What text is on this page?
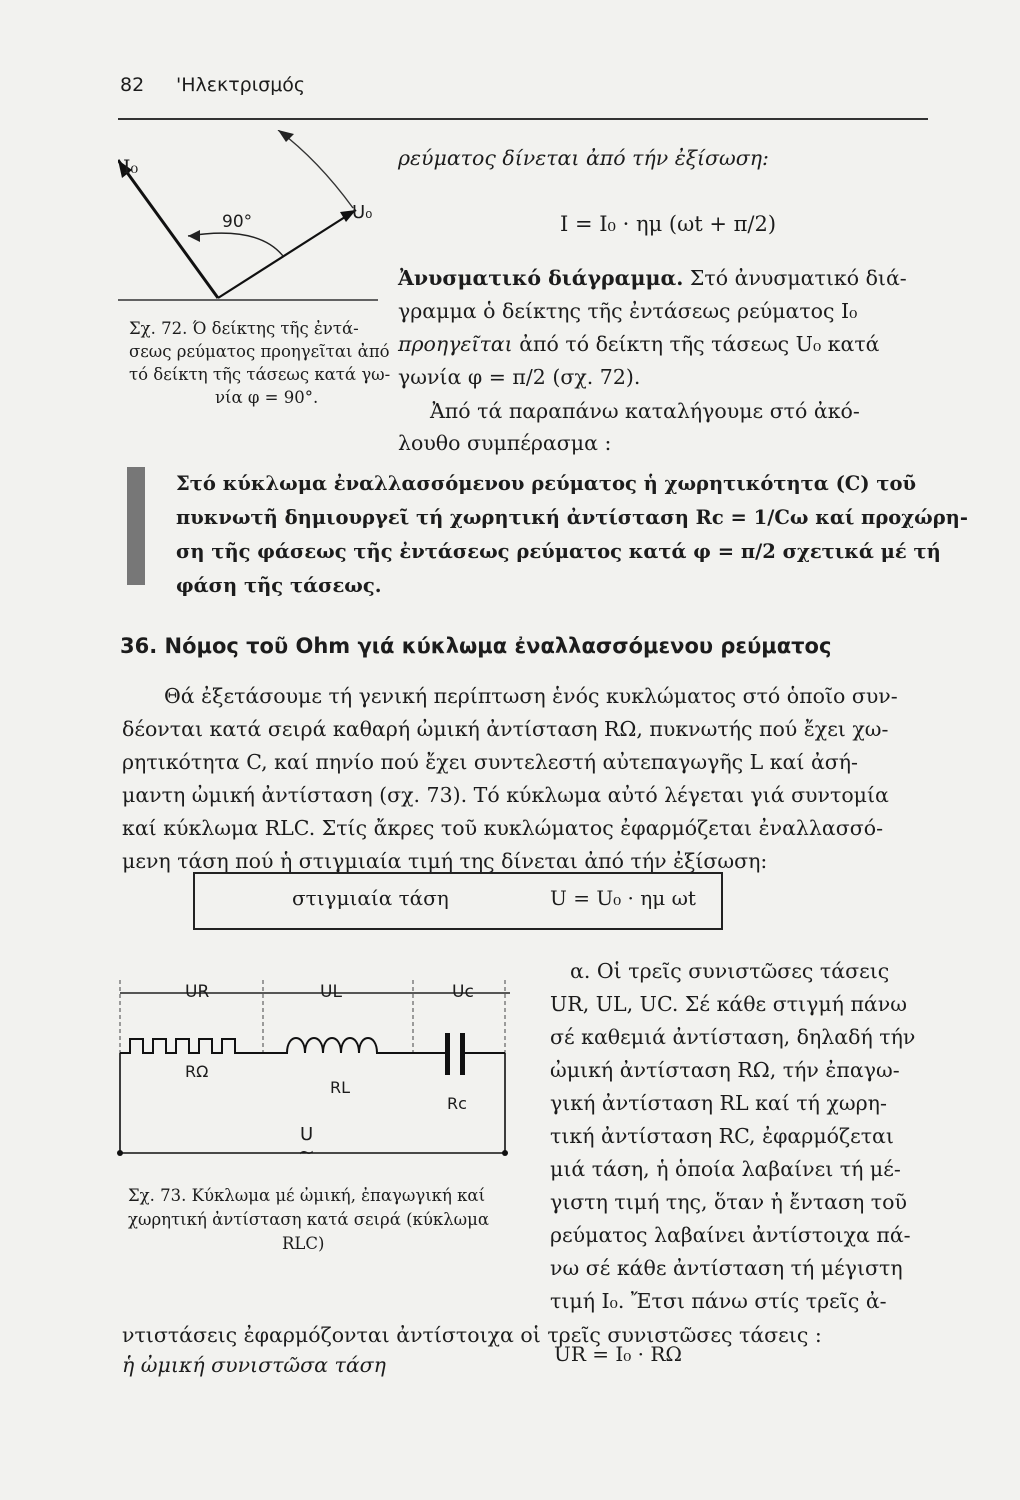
82 'Ηλεκτρισμός
I₀
U₀
90°
Σχ. 72. Ό δείκτης τῆς ἐντά-
σεως ρεύματος προηγεῖται ἀπό
τό δείκτη τῆς τάσεως κατά γω-
νία φ = 90°.
ρεύματος δίνεται ἀπό τήν ἐξίσωση:
I = I₀ · ημ (ωt + π/2)
Ἀνυσματικό διάγραμμα. Στό ἀνυσματικό διά-
γραμμα ὁ δείκτης τῆς ἐντάσεως ρεύματος I₀
προηγεῖται ἀπό τό δείκτη τῆς τάσεως U₀ κατά
γωνία φ = π/2 (σχ. 72).
Ἀπό τά παραπάνω καταλήγουμε στό ἀκό-
λουθο συμπέρασμα :
Στό κύκλωμα ἐναλλασσόμενου ρεύματος ἡ χωρητικότητα (C) τοῦ
πυκνωτῆ δημιουργεῖ τή χωρητική ἀντίσταση Rc = 1/Cω καί προχώρη-
ση τῆς φάσεως τῆς ἐντάσεως ρεύματος κατά φ = π/2 σχετικά μέ τή
φάση τῆς τάσεως.
36. Νόμος τοῦ Ohm γιά κύκλωμα ἐναλλασσόμενου ρεύματος
Θά ἐξετάσουμε τή γενική περίπτωση ἑνός κυκλώματος στό ὁποῖο συν-
δέονται κατά σειρά καθαρή ὠμική ἀντίσταση RΩ, πυκνωτής πού ἔχει χω-
ρητικότητα C, καί πηνίο πού ἔχει συντελεστή αὐτεπαγωγῆς L καί ἀσή-
μαντη ὠμική ἀντίσταση (σχ. 73). Τό κύκλωμα αὐτό λέγεται γιά συντομία
καί κύκλωμα RLC. Στίς ἄκρες τοῦ κυκλώματος ἐφαρμόζεται ἐναλλασσό-
μενη τάση πού ἡ στιγμιαία τιμή της δίνεται ἀπό τήν ἐξίσωση:
στιγμιαία τάση	U = U₀ · ημ ωt
UR	UL	Uc
RΩ
RL
Rc
U
~
Σχ. 73. Κύκλωμα μέ ὠμική, ἐπαγωγική καί
χωρητική ἀντίσταση κατά σειρά (κύκλωμα
RLC)
α. Οἱ τρεῖς συνιστῶσες τάσεις
UR, UL, UC. Σέ κάθε στιγμή πάνω
σέ καθεμιά ἀντίσταση, δηλαδή τήν
ὠμική ἀντίσταση RΩ, τήν ἐπαγω-
γική ἀντίσταση RL καί τή χωρη-
τική ἀντίσταση RC, ἐφαρμόζεται
μιά τάση, ἡ ὁποία λαβαίνει τή μέ-
γιστη τιμή της, ὅταν ἡ ἔνταση τοῦ
ρεύματος λαβαίνει ἀντίστοιχα πά-
νω σέ κάθε ἀντίσταση τή μέγιστη
τιμή I₀. Ἔτσι πάνω στίς τρεῖς ἀ-
ντιστάσεις ἐφαρμόζονται ἀντίστοιχα οἱ τρεῖς συνιστῶσες τάσεις :
ἡ ὠμική συνιστῶσα τάση	UR = I₀ · RΩ
